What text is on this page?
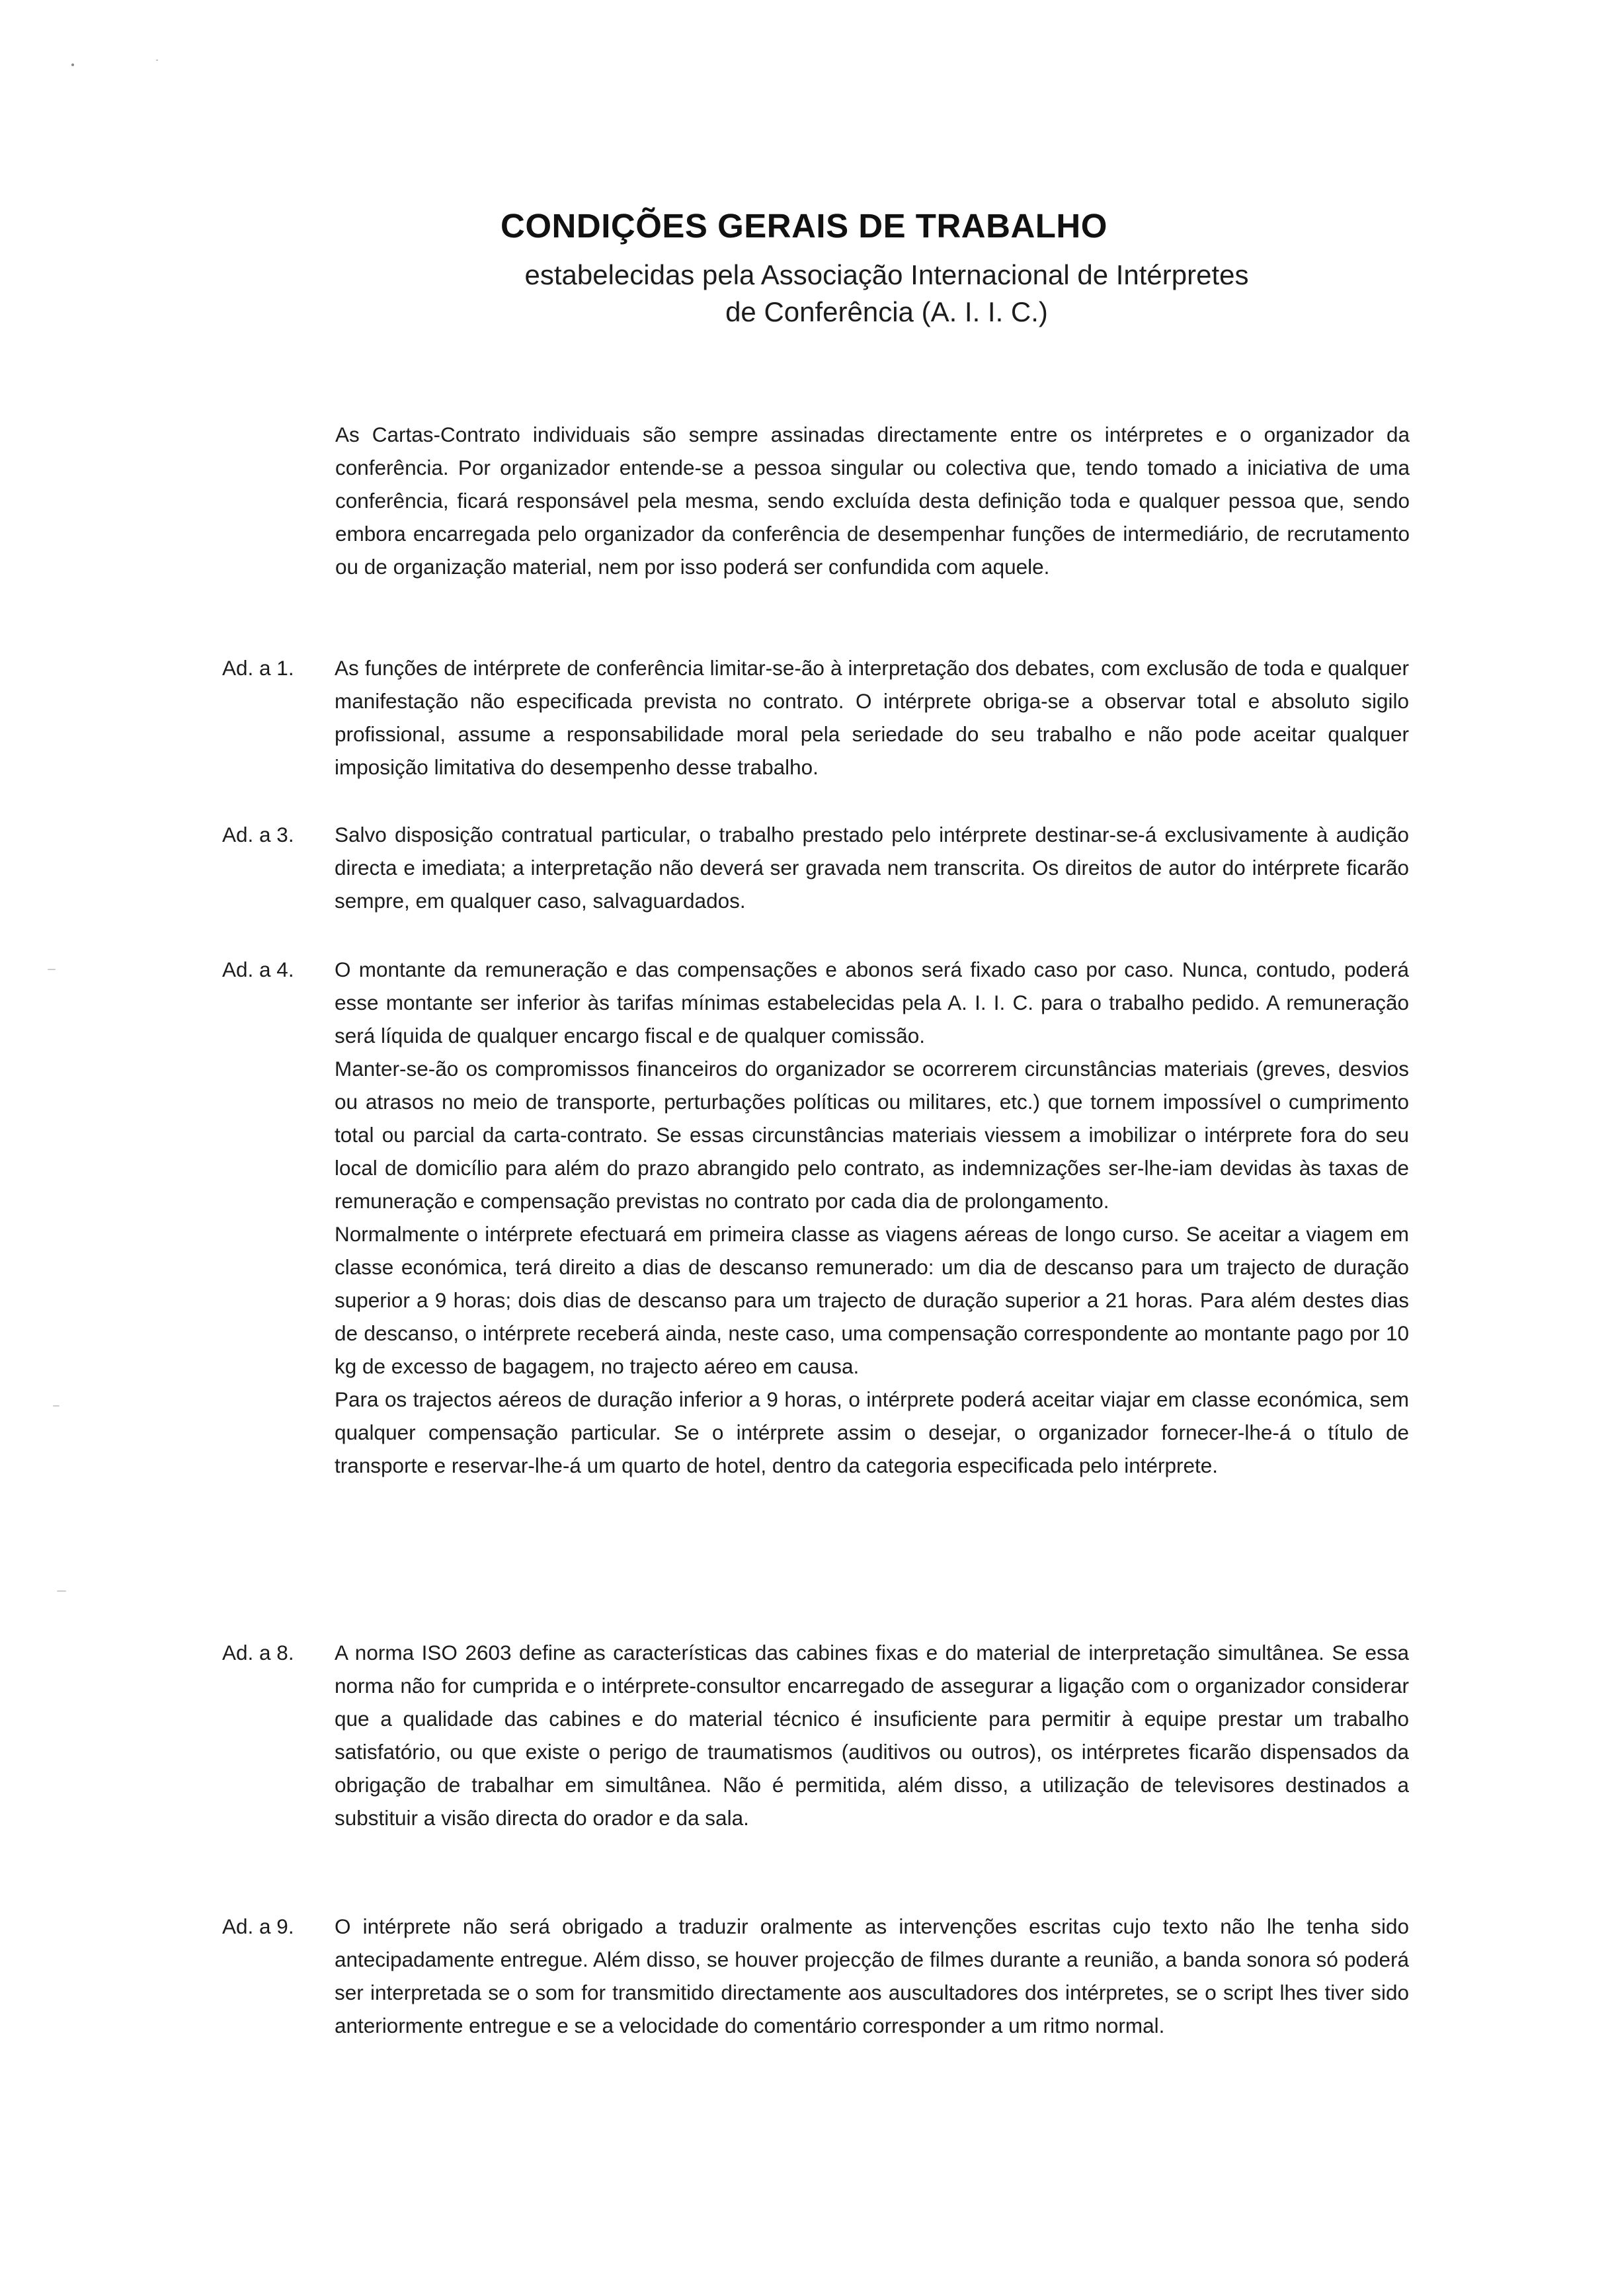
CONDIÇÕES GERAIS DE TRABALHO
estabelecidas pela Associação Internacional de Intérpretes
de Conferência (A. I. I. C.)

As Cartas-Contrato individuais são sempre assinadas directamente entre os intérpretes e o organizador da conferência. Por organizador entende-se a pessoa singular ou colectiva que, tendo tomado a iniciativa de uma conferência, ficará responsável pela mesma, sendo excluída desta definição toda e qualquer pessoa que, sendo embora encarregada pelo organizador da conferência de desempenhar funções de intermediário, de recrutamento ou de organização material, nem por isso poderá ser confundida com aquele.

Ad. a 1.	As funções de intérprete de conferência limitar-se-ão à interpretação dos debates, com exclusão de toda e qualquer manifestação não especificada prevista no contrato. O intérprete obriga-se a observar total e absoluto sigilo profissional, assume a responsabilidade moral pela seriedade do seu trabalho e não pode aceitar qualquer imposição limitativa do desempenho desse trabalho.

Ad. a 3.	Salvo disposição contratual particular, o trabalho prestado pelo intérprete destinar-se-á exclusivamente à audição directa e imediata; a interpretação não deverá ser gravada nem transcrita. Os direitos de autor do intérprete ficarão sempre, em qualquer caso, salvaguardados.

Ad. a 4.	O montante da remuneração e das compensações e abonos será fixado caso por caso. Nunca, contudo, poderá esse montante ser inferior às tarifas mínimas estabelecidas pela A. I. I. C. para o trabalho pedido. A remuneração será líquida de qualquer encargo fiscal e de qualquer comissão.

Manter-se-ão os compromissos financeiros do organizador se ocorrerem circunstâncias materiais (greves, desvios ou atrasos no meio de transporte, perturbações políticas ou militares, etc.) que tornem impossível o cumprimento total ou parcial da carta-contrato. Se essas circunstâncias materiais viessem a imobilizar o intérprete fora do seu local de domicílio para além do prazo abrangido pelo contrato, as indemnizações ser-lhe-iam devidas às taxas de remuneração e compensação previstas no contrato por cada dia de prolongamento.

Normalmente o intérprete efectuará em primeira classe as viagens aéreas de longo curso. Se aceitar a viagem em classe económica, terá direito a dias de descanso remunerado: um dia de descanso para um trajecto de duração superior a 9 horas; dois dias de descanso para um trajecto de duração superior a 21 horas. Para além destes dias de descanso, o intérprete receberá ainda, neste caso, uma compensação correspondente ao montante pago por 10 kg de excesso de bagagem, no trajecto aéreo em causa.

Para os trajectos aéreos de duração inferior a 9 horas, o intérprete poderá aceitar viajar em classe económica, sem qualquer compensação particular. Se o intérprete assim o desejar, o organizador fornecer-lhe-á o título de transporte e reservar-lhe-á um quarto de hotel, dentro da categoria especificada pelo intérprete.

Ad. a 8.	A norma ISO 2603 define as características das cabines fixas e do material de interpretação simultânea. Se essa norma não for cumprida e o intérprete-consultor encarregado de assegurar a ligação com o organizador considerar que a qualidade das cabines e do material técnico é insuficiente para permitir à equipe prestar um trabalho satisfatório, ou que existe o perigo de traumatismos (auditivos ou outros), os intérpretes ficarão dispensados da obrigação de trabalhar em simultânea. Não é permitida, além disso, a utilização de televisores destinados a substituir a visão directa do orador e da sala.

Ad. a 9.	O intérprete não será obrigado a traduzir oralmente as intervenções escritas cujo texto não lhe tenha sido antecipadamente entregue. Além disso, se houver projecção de filmes durante a reunião, a banda sonora só poderá ser interpretada se o som for transmitido directamente aos auscultadores dos intérpretes, se o script lhes tiver sido anteriormente entregue e se a velocidade do comentário corresponder a um ritmo normal.
